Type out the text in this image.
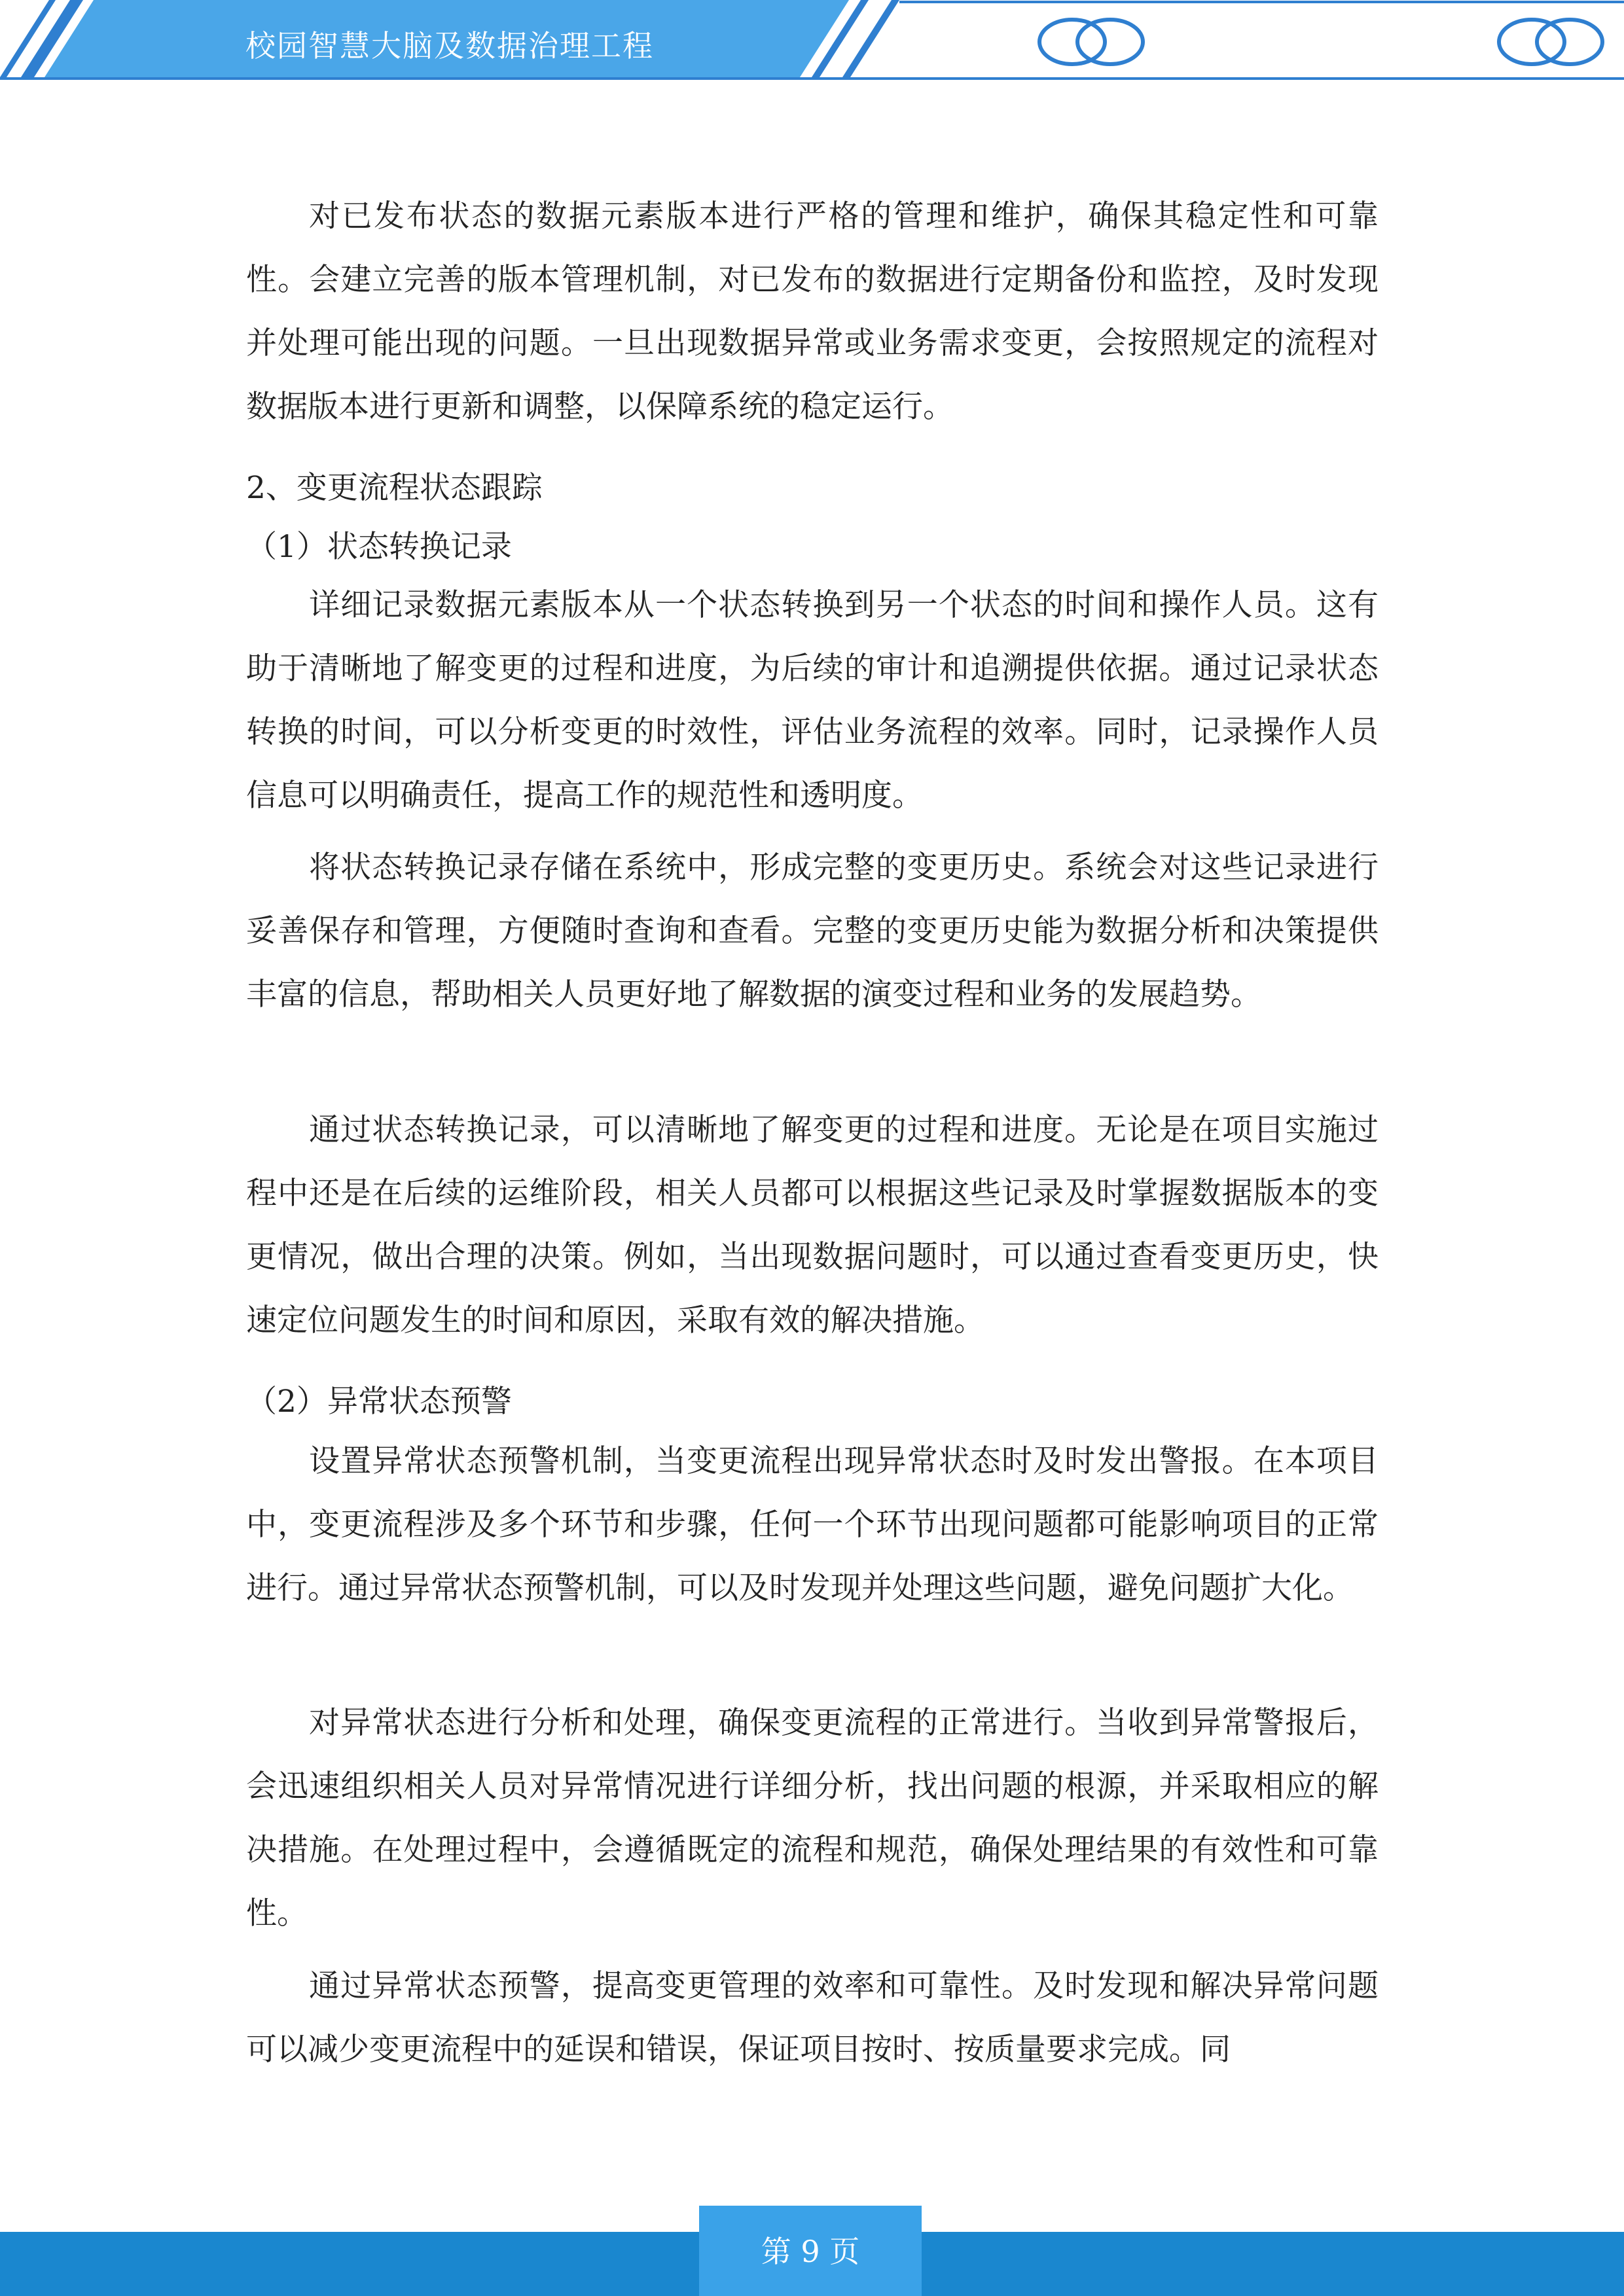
校园智慧大脑及数据治理工程

对已发布状态的数据元素版本进行严格的管理和维护，确保其稳定性和可靠性。会建立完善的版本管理机制，对已发布的数据进行定期备份和监控，及时发现并处理可能出现的问题。一旦出现数据异常或业务需求变更，会按照规定的流程对数据版本进行更新和调整，以保障系统的稳定运行。

2、变更流程状态跟踪
（1）状态转换记录

详细记录数据元素版本从一个状态转换到另一个状态的时间和操作人员。这有助于清晰地了解变更的过程和进度，为后续的审计和追溯提供依据。通过记录状态转换的时间，可以分析变更的时效性，评估业务流程的效率。同时，记录操作人员信息可以明确责任，提高工作的规范性和透明度。

将状态转换记录存储在系统中，形成完整的变更历史。系统会对这些记录进行妥善保存和管理，方便随时查询和查看。完整的变更历史能为数据分析和决策提供丰富的信息，帮助相关人员更好地了解数据的演变过程和业务的发展趋势。

通过状态转换记录，可以清晰地了解变更的过程和进度。无论是在项目实施过程中还是在后续的运维阶段，相关人员都可以根据这些记录及时掌握数据版本的变更情况，做出合理的决策。例如，当出现数据问题时，可以通过查看变更历史，快速定位问题发生的时间和原因，采取有效的解决措施。

（2）异常状态预警

设置异常状态预警机制，当变更流程出现异常状态时及时发出警报。在本项目中，变更流程涉及多个环节和步骤，任何一个环节出现问题都可能影响项目的正常进行。通过异常状态预警机制，可以及时发现并处理这些问题，避免问题扩大化。

对异常状态进行分析和处理，确保变更流程的正常进行。当收到异常警报后，会迅速组织相关人员对异常情况进行详细分析，找出问题的根源，并采取相应的解决措施。在处理过程中，会遵循既定的流程和规范，确保处理结果的有效性和可靠性。

通过异常状态预警，提高变更管理的效率和可靠性。及时发现和解决异常问题可以减少变更流程中的延误和错误，保证项目按时、按质量要求完成。同

第 9 页
